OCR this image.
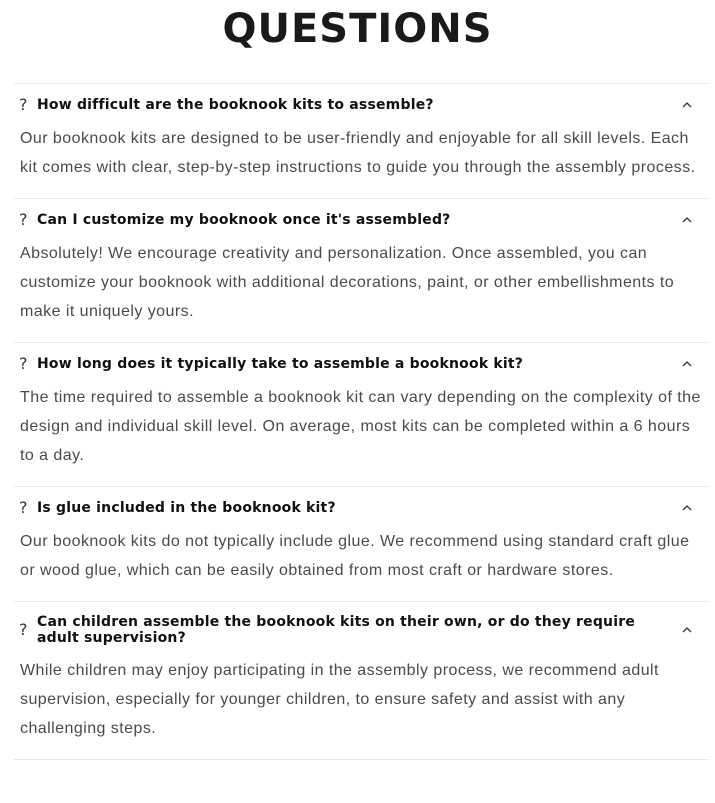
QUESTIONS
? How difficult are the booknook kits to assemble?
Our booknook kits are designed to be user-friendly and enjoyable for all skill levels. Each kit comes with clear, step-by-step instructions to guide you through the assembly process.
? Can I customize my booknook once it's assembled?
Absolutely! We encourage creativity and personalization. Once assembled, you can customize your booknook with additional decorations, paint, or other embellishments to make it uniquely yours.
? How long does it typically take to assemble a booknook kit?
The time required to assemble a booknook kit can vary depending on the complexity of the design and individual skill level. On average, most kits can be completed within a 6 hours to a day.
? Is glue included in the booknook kit?
Our booknook kits do not typically include glue. We recommend using standard craft glue or wood glue, which can be easily obtained from most craft or hardware stores.
? Can children assemble the booknook kits on their own, or do they require adult supervision?
While children may enjoy participating in the assembly process, we recommend adult supervision, especially for younger children, to ensure safety and assist with any challenging steps.
